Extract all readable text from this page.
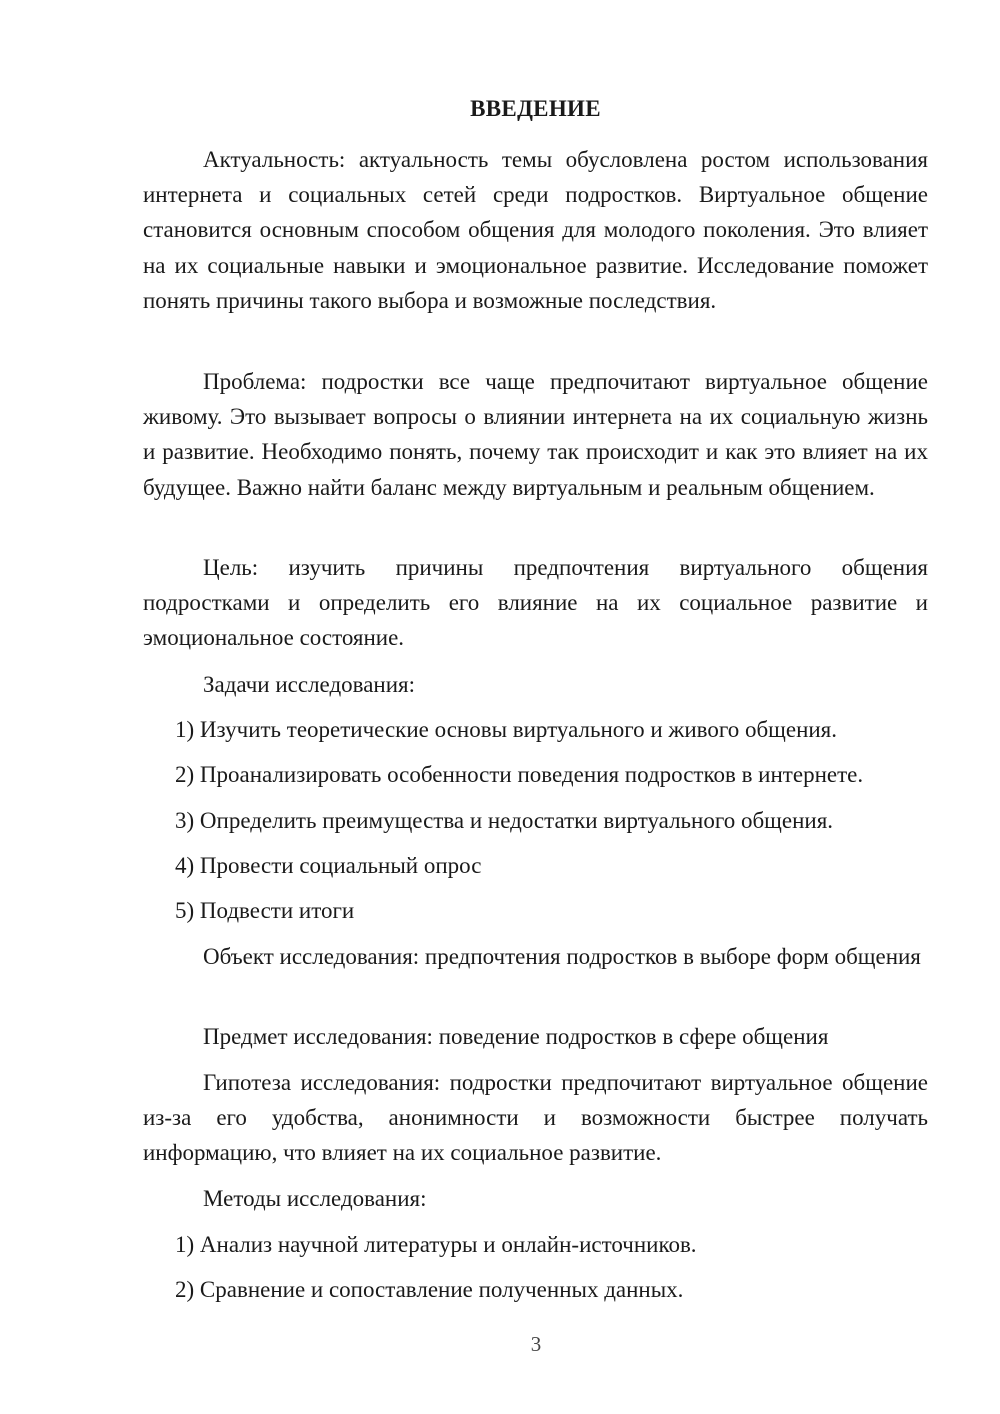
ВВЕДЕНИЕ

Актуальность: актуальность темы обусловлена ростом использования интернета и социальных сетей среди подростков. Виртуальное общение становится основным способом общения для молодого поколения. Это влияет на их социальные навыки и эмоциональное развитие. Исследование поможет понять причины такого выбора и возможные последствия.

Проблема: подростки все чаще предпочитают виртуальное общение живому. Это вызывает вопросы о влиянии интернета на их социальную жизнь и развитие. Необходимо понять, почему так происходит и как это влияет на их будущее. Важно найти баланс между виртуальным и реальным общением.

Цель: изучить причины предпочтения виртуального общения подростками и определить его влияние на их социальное развитие и эмоциональное состояние.

Задачи исследования:

1) Изучить теоретические основы виртуального и живого общения.

2) Проанализировать особенности поведения подростков в интернете.

3) Определить преимущества и недостатки виртуального общения.

4) Провести социальный опрос

5) Подвести итоги

Объект исследования: предпочтения подростков в выборе форм общения

Предмет исследования: поведение подростков в сфере общения

Гипотеза исследования: подростки предпочитают виртуальное общение из-за его удобства, анонимности и возможности быстрее получать информацию, что влияет на их социальное развитие.

Методы исследования:

1) Анализ научной литературы и онлайн-источников.

2) Сравнение и сопоставление полученных данных.

3
